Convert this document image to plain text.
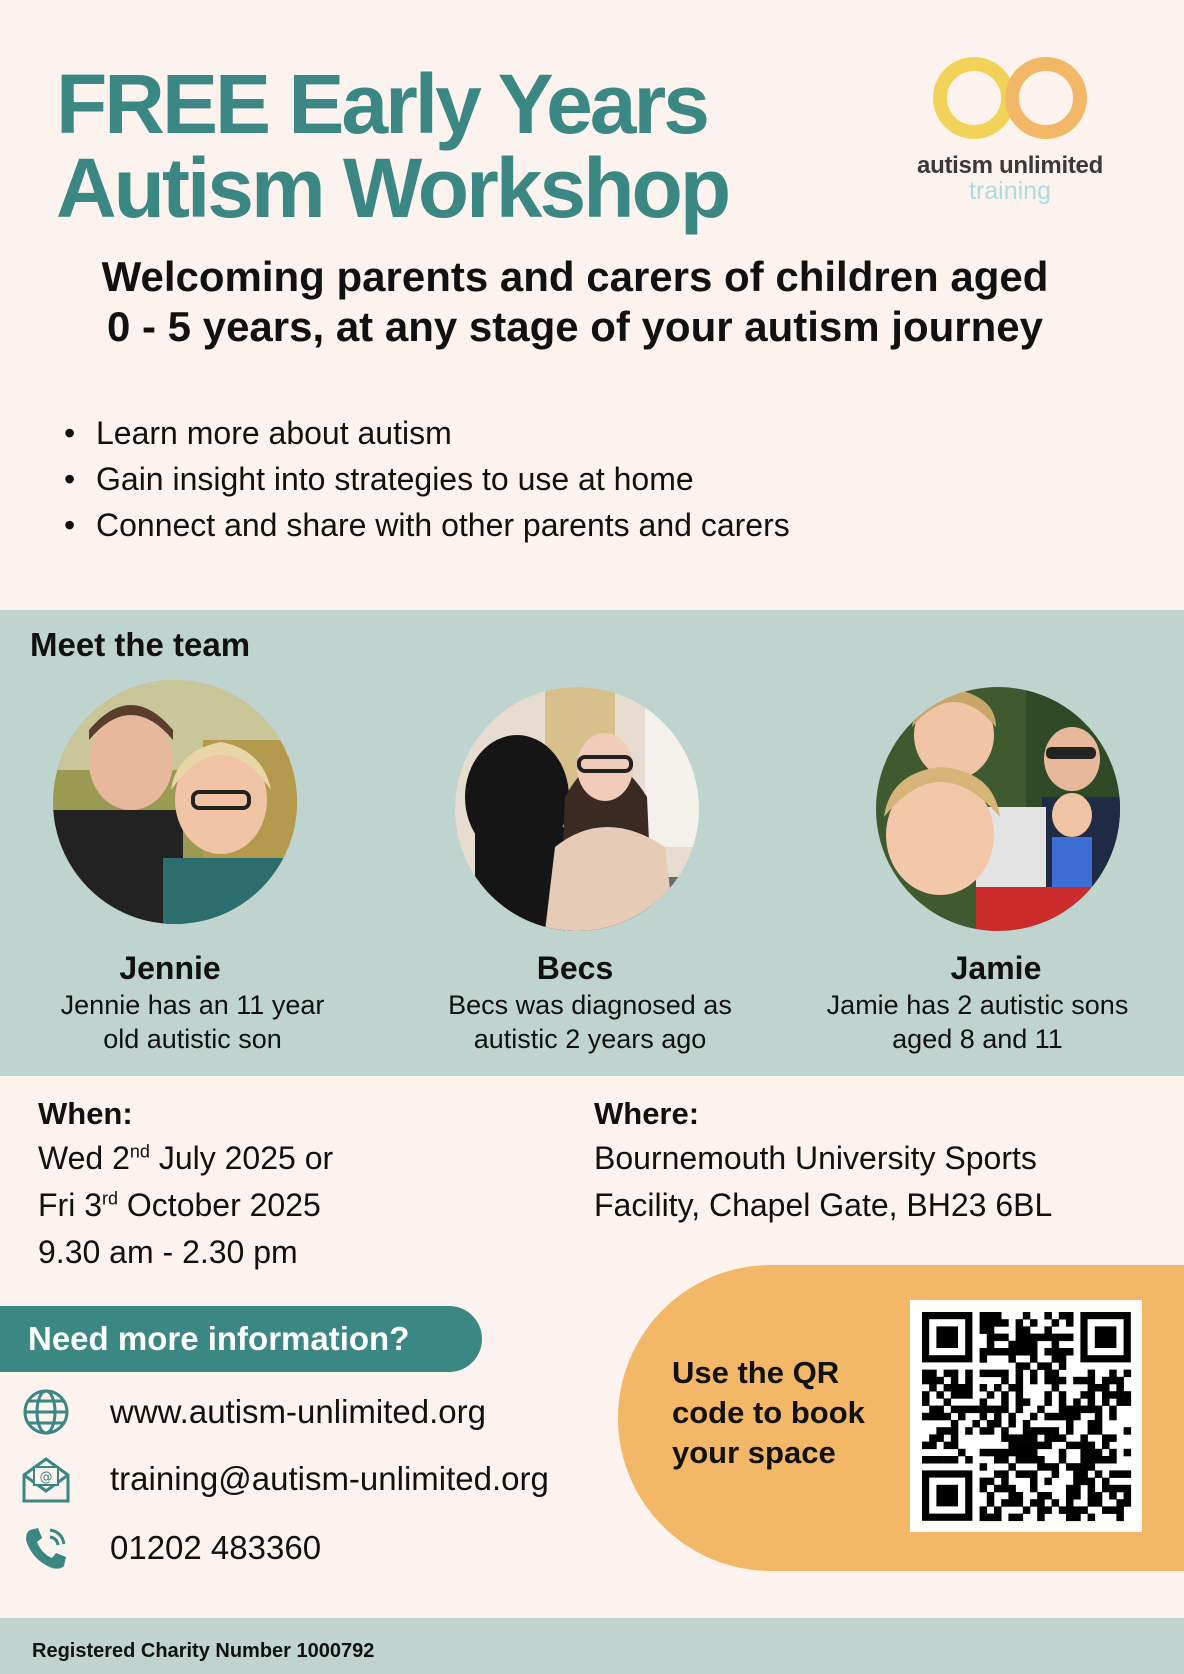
FREE Early Years
Autism Workshop	autism unlimited
training
Welcoming parents and carers of children aged
0 - 5 years, at any stage of your autism journey
• Learn more about autism
• Gain insight into strategies to use at home
• Connect and share with other parents and carers
Meet the team
Jennie
Jennie has an 11 year
old autistic son
Becs
Becs was diagnosed as
autistic 2 years ago
Jamie
Jamie has 2 autistic sons
aged 8 and 11
When:
Wed 2nd July 2025 or
Fri 3rd October 2025
9.30 am - 2.30 pm
Where:
Bournemouth University Sports
Facility, Chapel Gate, BH23 6BL
Need more information?
www.autism-unlimited.org
@ training@autism-unlimited.org
01202 483360
Use the QR
code to book
your space
Registered Charity Number 1000792
